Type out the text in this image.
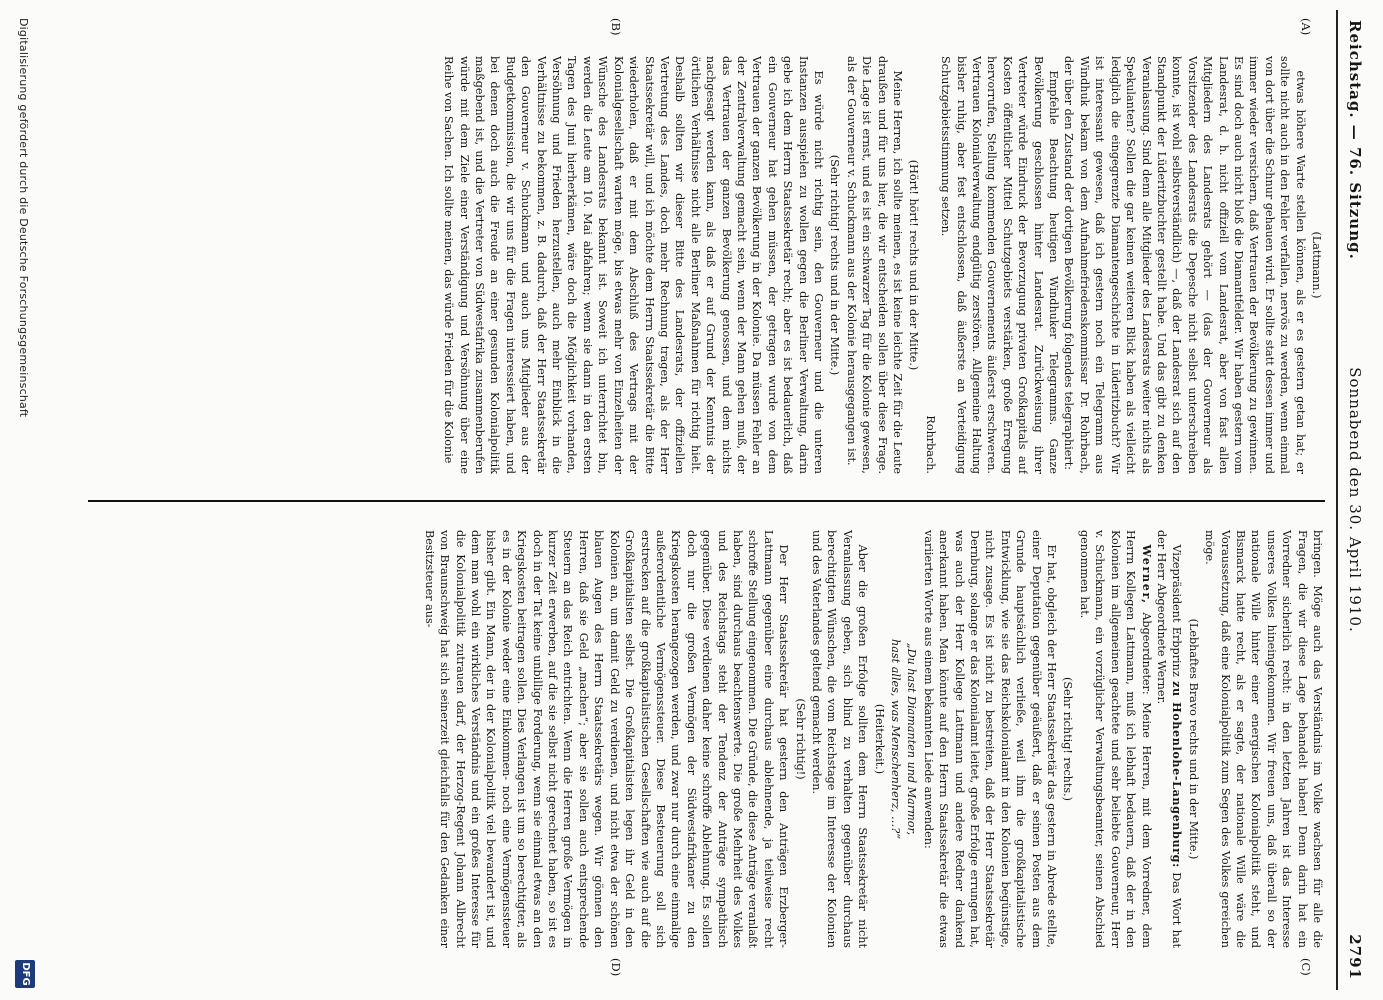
Reichstag. — 76. Sitzung.
Sonnabend den 30. April 1910.
2791
(A)
(B)
(C)
(D)

(Lattmann.)

etwas höhere Warte stellen können, als er es gestern getan hat; er sollte nicht auch in den Fehler verfallen, nervös zu werden, wenn einmal von dort über die Schnur gehauen wird. Er sollte statt dessen immer und immer wieder versichern, daß Vertrauen der Bevölkerung zu gewinnen. Es sind doch auch nicht bloß die Diamantfelder. Wir haben gestern vom Landesrat, d. h. nicht offiziell vom Landesrat, aber von fast allen Mitgliedern des Landesrats gehört — (das der Gouverneur als Vorsitzender des Landesrats die Depesche nicht selbst unterschreiben konnte, ist wohl selbstverständlich) —, daß der Landesrat sich auf den Standpunkt der Lüderitzbuchter gestellt habe. Und das gibt zu denken Veranlassung. Sind denn alle Mitglieder des Landesrats weiter nichts als Spekulanten? Sollen die gar keinen weiteren Blick haben als vielleicht lediglich die eingegrenzte Diamantengeschichte in Lüderitzbucht? Wir ist interessant gewesen, daß ich gestern noch ein Telegramm aus Windhuk bekam von dem Aufnahmefriedenskommissar Dr. Rohrbach, der über den Zustand der dortigen Bevölkerung folgendes telegraphiert:

Empfehle Beachtung heutigen Windhuker Telegramms. Ganze Bevölkerung geschlossen hinter Landesrat. Zurückweisung ihrer Vertreter würde Eindruck der Bevorzugung privaten Großkapitals auf Kosten öffentlicher Mittel Schutzgebiets verstärken, große Erregung hervorrufen, Stellung kommenden Gouvernements äußerst erschweren. Vertrauen Kolonialverwaltung endgültig zerstören. Allgemeine Haltung bisher ruhig, aber fest entschlossen, daß äußerste an Verteidigung Schutzgebietsstimmung setzen.

Rohrbach.

(Hört! hört! rechts und in der Mitte.)

Meine Herren, ich sollte meinen, es ist keine leichte Zeit für die Leute draußen und für uns hier, die wir entscheiden sollen über diese Frage. Die Lage ist ernst, und es ist ein schwarzer Tag für die Kolonie gewesen, als der Gouverneur v. Schuckmann aus der Kolonie herausgegangen ist.

(Sehr richtig! rechts und in der Mitte.)

Es würde nicht richtig sein, den Gouverneur und die unteren Instanzen ausspielen zu wollen gegen die Berliner Verwaltung, darin gebe ich dem Herrn Staatssekretär recht; aber es ist bedauerlich, daß ein Gouverneur hat gehen müssen, der getragen wurde von dem Vertrauen der ganzen Bevölkerung in der Kolonie. Da müssen Fehler an der Zentralverwaltung gemacht sein, wenn der Mann gehen muß, der das Vertrauen der ganzen Bevölkerung genossen, und dem nichts nachgesagt werden kann, als daß er auf Grund der Kenntnis der örtlichen Verhältnisse nicht alle Berliner Maßnahmen für richtig hielt. Deshalb sollten wir dieser Bitte des Landesrats, der offiziellen Vertretung des Landes, doch mehr Rechnung tragen, als der Herr Staatssekretär will, und ich möchte dem Herrn Staatssekretär die Bitte wiederholen, daß er mit dem Abschluß des Vertrags mit der Kolonialgesellschaft warten möge, bis etwas mehr von Einzelheiten der Wünsche des Landesrats bekannt ist. Soweit ich unterrichtet bin, werden die Leute am 10. Mai abfahren; wenn sie dann in den ersten Tagen des Juni hierherkämen, wäre doch die Möglichkeit vorhanden, Versöhnung und Frieden herzustellen, auch mehr Einblick in die Verhältnisse zu bekommen, z. B. dadurch, daß der Herr Staatssekretär den Gouverneur v. Schuckmann und auch uns Mitglieder aus der Budgetkommission, die wir uns für die Fragen interessiert haben, und bei denen doch auch die Freude an einer gesunden Kolonialpolitik maßgebend ist, und die Vertreter von Südwestafrika zusammenberufen würde mit dem Ziele einer Verständigung und Versöhnung über eine Reihe von Sachen. Ich sollte meinen, das würde Frieden für die Kolonie

bringen. Möge auch das Verständnis im Volke wachsen für alle die Fragen, die wir diese Lage behandelt haben! Denn darin hat ein Vorredner sicherlich recht: in den letzten Jahren ist das Interesse unseres Volkes hineingekommen. Wir freuen uns, daß überall so der nationale Wille hinter einer energischen Kolonialpolitik steht, und Bismarck hatte recht, als er sagte, der nationale Wille wäre die Voraussetzung, daß eine Kolonialpolitik zum Segen des Volkes gereichen möge.

(Lebhaftes Bravo rechts und in der Mitte.)

Vizepräsident Erbprinz zu Hohenlohe-Langenburg: Das Wort hat der Herr Abgeordnete Werner.

Werner, Abgeordneter: Meine Herren, mit dem Vorredner, dem Herrn Kollegen Lattmann, muß ich lebhaft bedauern, daß der in den Kolonien im allgemeinen geachtete und sehr beliebte Gouverneur, Herr v. Schuckmann, ein vorzüglicher Verwaltungsbeamter, seinen Abschied genommen hat.

(Sehr richtig! rechts.)

Er hat, obgleich der Herr Staatssekretär das gestern in Abrede stellte, einer Deputation gegenüber geäußert, daß er seinen Posten aus dem Grunde hauptsächlich verließe, weil ihm die großkapitalistische Entwicklung, wie sie das Reichskolonialamt in den Kolonien begünstige, nicht zusage. Es ist nicht zu bestreiten, daß der Herr Staatssekretär Dernburg, solange er das Kolonialamt leitet, große Erfolge errungen hat, was auch der Herr Kollege Lattmann und andere Redner dankend anerkannt haben. Man könnte auf den Herrn Staatssekretär die etwas variierten Worte aus einem bekannten Liede anwenden:

„Du hast Diamanten und Marmor,

hast alles, was Menschenherz, …?“

(Heiterkeit.)

Aber die großen Erfolge sollten dem Herrn Staatssekretär nicht Veranlassung geben, sich blind zu verhalten gegenüber durchaus berechtigten Wünschen, die vom Reichstage im Interesse der Kolonien und des Vaterlandes geltend gemacht werden.

(Sehr richtig!)

Der Herr Staatssekretär hat gestern den Anträgen Erzberger-Lattmann gegenüber eine durchaus ablehnende, ja teilweise recht schroffe Stellung eingenommen. Die Gründe, die diese Anträge veranlaßt haben, sind durchaus beachtenswerte. Die große Mehrheit des Volkes und des Reichstags steht der Tendenz der Anträge sympathisch gegenüber. Diese verdienen daher keine schroffe Ablehnung. Es sollen doch nur die großen Vermögen der Südwestafrikaner zu den Kriegskosten herangezogen werden, und zwar nur durch eine einmalige außerordentliche Vermögenssteuer. Diese Besteuerung soll sich erstrecken auf die großkapitalistischen Gesellschaften wie auch auf die Großkapitalisten selbst. Die Großkapitalisten legen ihr Geld in den Kolonien an, um damit Geld zu verdienen, und nicht etwa der schönen blauen Augen des Herrn Staatssekretärs wegen. Wir gönnen den Herren, daß sie Geld „machen“; aber sie sollen auch entsprechende Steuern an das Reich entrichten. Wenn die Herren große Vermögen in kurzer Zeit erwerben, auf die sie selbst nicht gerechnet haben, so ist es doch in der Tat keine unbillige Forderung, wenn sie einmal etwas an den Kriegskosten beitragen sollen. Dies Verlangen ist um so berechtigter, als es in der Kolonie weder eine Einkommen- noch eine Vermögenssteuer bisher gibt. Ein Mann, der in der Kolonialpolitik viel bewandert ist, und dem man wohl ein wirkliches Verständnis und ein großes Interesse für die Kolonialpolitik zutrauen darf, der Herzog-Regent Johann Albrecht von Braunschweig hat sich seinerzeit gleichfalls für den Gedanken einer Besitzsteuer aus-

Digitalisierung gefördert durch die Deutsche Forschungsgemeinschaft
DFG
